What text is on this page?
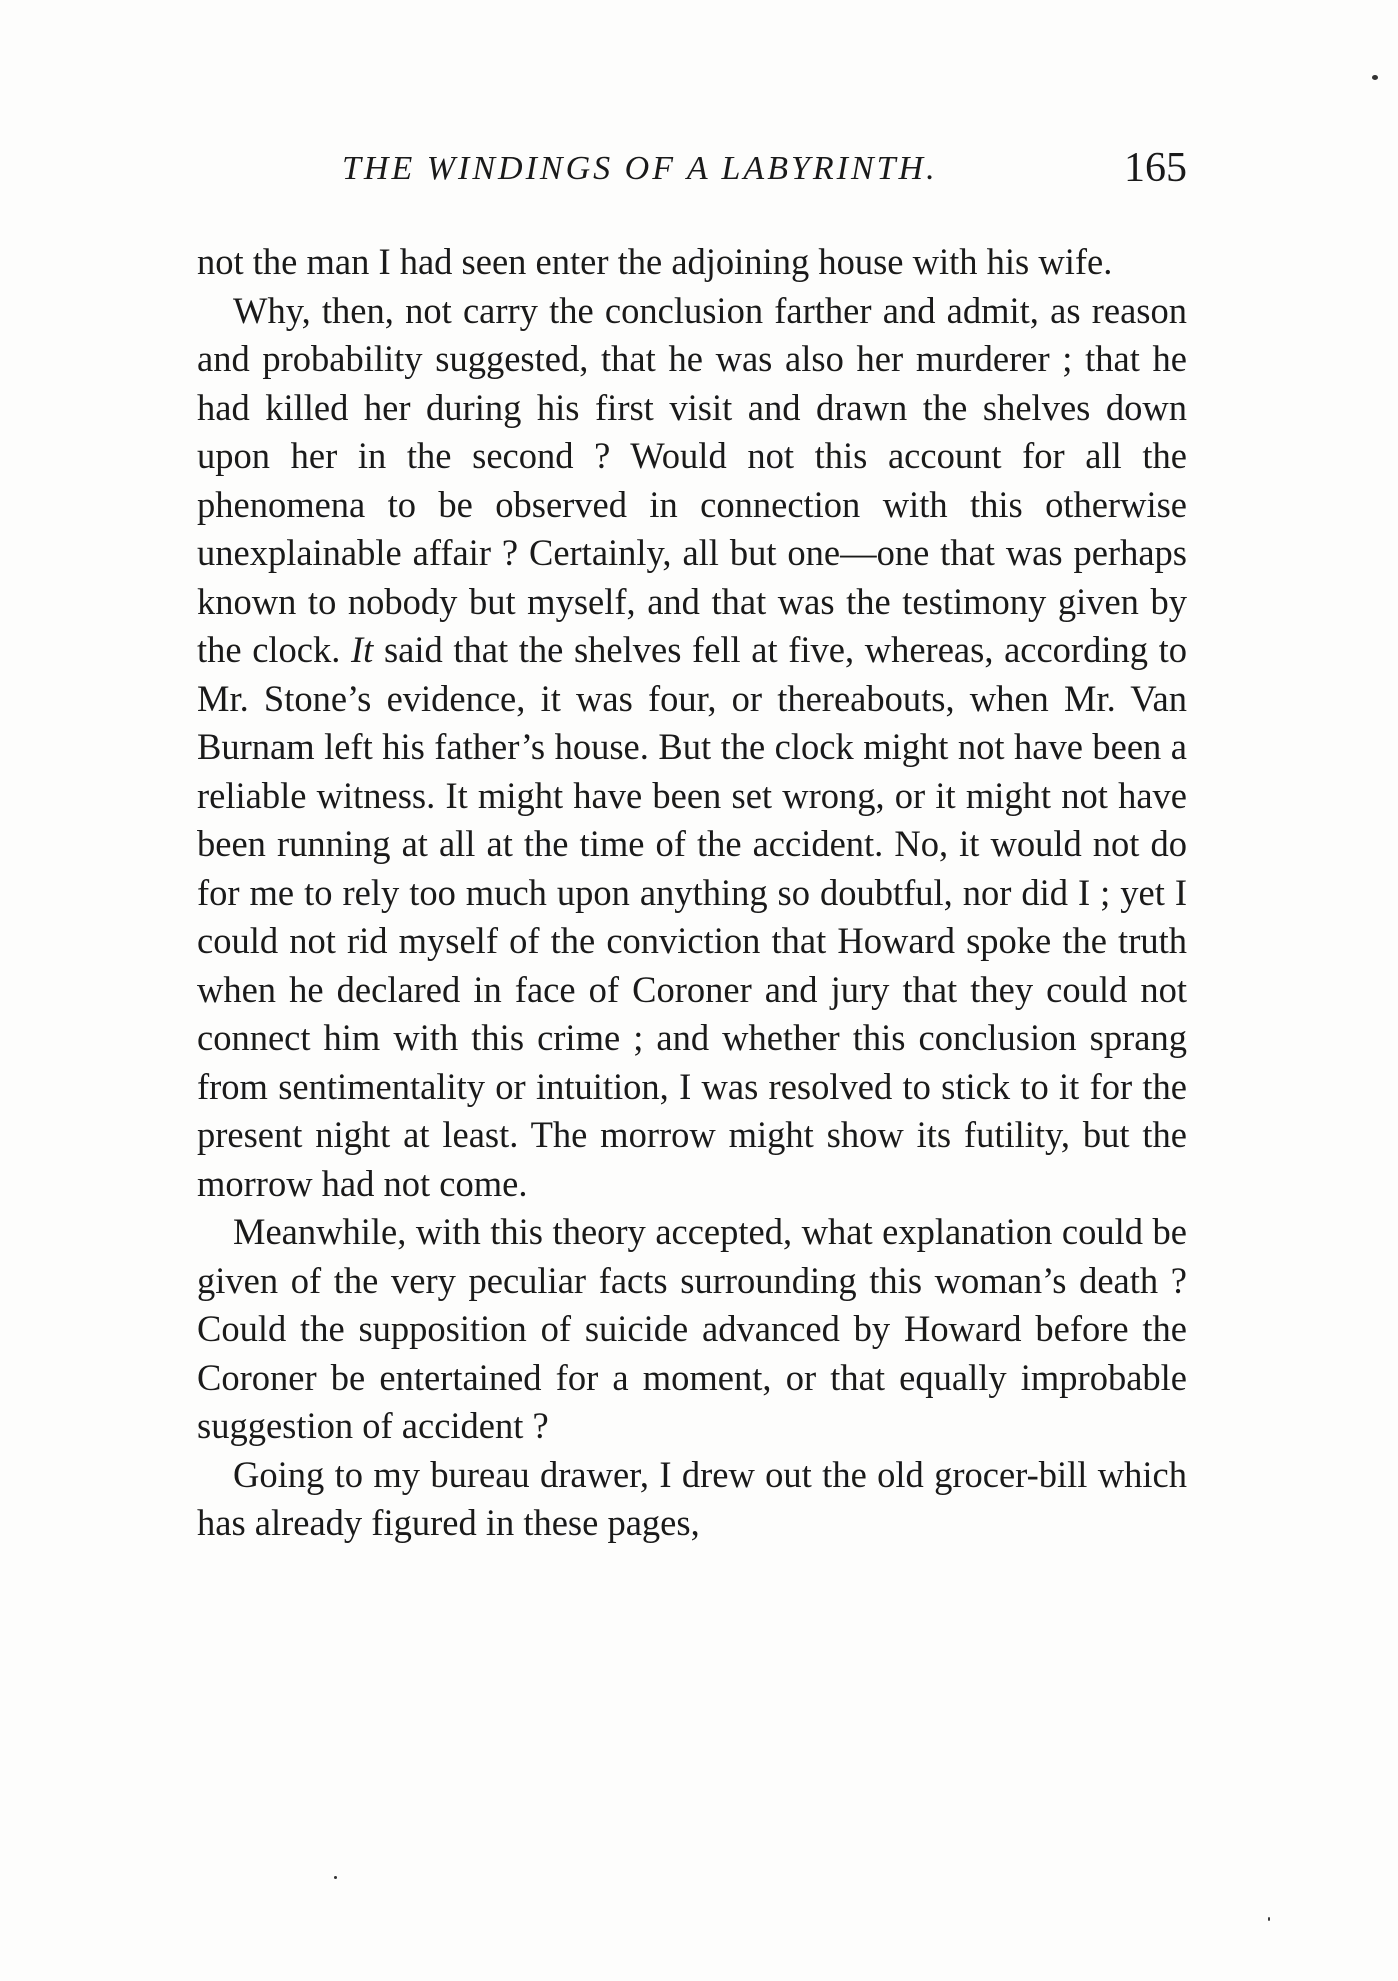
THE WINDINGS OF A LABYRINTH.	165

not the man I had seen enter the adjoining house with his wife.

Why, then, not carry the conclusion farther and admit, as reason and probability suggested, that he was also her murderer ; that he had killed her during his first visit and drawn the shelves down upon her in the second ? Would not this account for all the phenomena to be observed in connection with this otherwise unexplainable affair ? Certainly, all but one—one that was perhaps known to nobody but myself, and that was the testimony given by the clock. It said that the shelves fell at five, whereas, according to Mr. Stone’s evidence, it was four, or thereabouts, when Mr. Van Burnam left his father’s house. But the clock might not have been a reliable witness. It might have been set wrong, or it might not have been running at all at the time of the accident. No, it would not do for me to rely too much upon anything so doubtful, nor did I ; yet I could not rid myself of the conviction that Howard spoke the truth when he declared in face of Coroner and jury that they could not connect him with this crime ; and whether this conclusion sprang from sentimentality or intuition, I was resolved to stick to it for the present night at least. The morrow might show its futility, but the morrow had not come.

Meanwhile, with this theory accepted, what explanation could be given of the very peculiar facts surrounding this woman’s death ? Could the supposition of suicide advanced by Howard before the Coroner be entertained for a moment, or that equally improbable suggestion of accident ?

Going to my bureau drawer, I drew out the old grocer-bill which has already figured in these pages,
